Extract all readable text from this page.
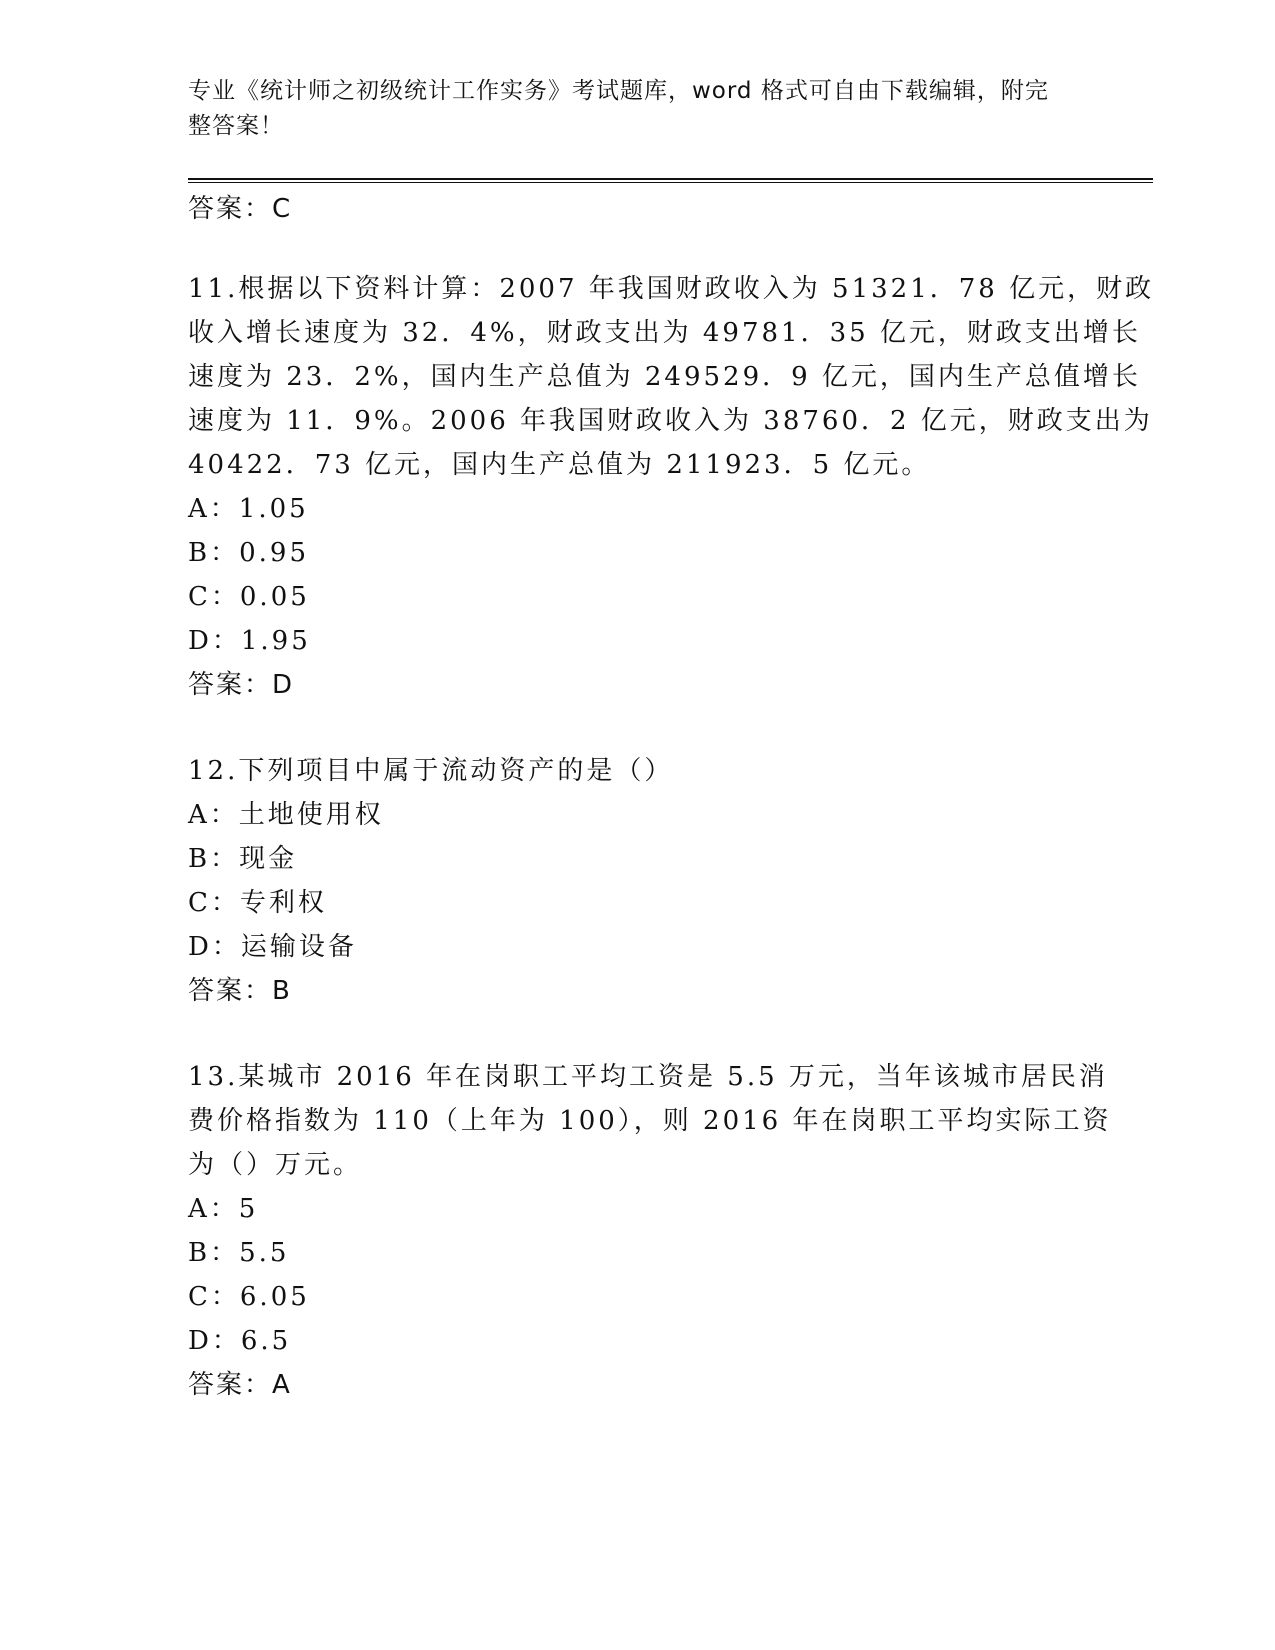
专业《统计师之初级统计工作实务》考试题库，word 格式可自由下载编辑，附完
整答案！
答案：C
11.根据以下资料计算：2007 年我国财政收入为 51321．78 亿元，财政
收入增长速度为 32．4%，财政支出为 49781．35 亿元，财政支出增长
速度为 23．2%，国内生产总值为 249529．9 亿元，国内生产总值增长
速度为 11．9%。2006 年我国财政收入为 38760．2 亿元，财政支出为
40422．73 亿元，国内生产总值为 211923．5 亿元。
A：1.05
B：0.95
C：0.05
D：1.95
答案：D
12.下列项目中属于流动资产的是（）
A：土地使用权
B：现金
C：专利权
D：运输设备
答案：B
13.某城市 2016 年在岗职工平均工资是 5.5 万元，当年该城市居民消
费价格指数为 110（上年为 100），则 2016 年在岗职工平均实际工资
为（）万元。
A：5
B：5.5
C：6.05
D：6.5
答案：A
